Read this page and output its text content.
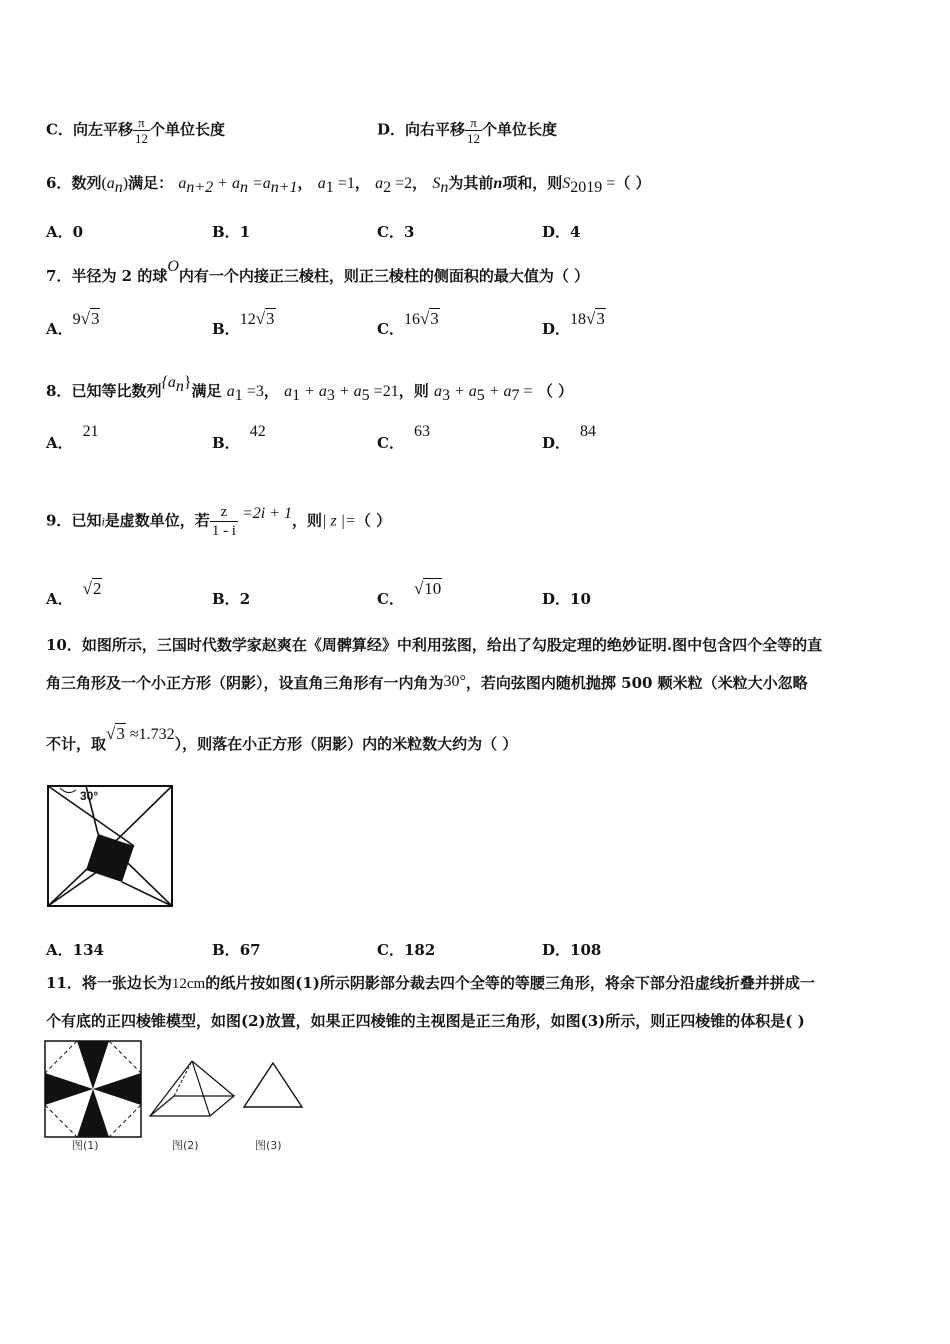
C．向左平移 $\frac{\pi}{12}$ 个单位长度	D．向右平移 $\frac{\pi}{12}$ 个单位长度
6．数列$(a_n)$满足： $a_{n+2} + a_n =a_{n+1}$， $a_1 =1$， $a_2 =2$， $S_n$为其前n项和，则$S_{2019}$ =（ ）
A．0	B．1	C．3	D．4
7．半径为 2 的球O内有一个内接正三棱柱，则正三棱柱的侧面积的最大值为（ ）
A．9√3
B．12√3
C．16√3
D．18√3
8．已知等比数列$\{a_n\}$满足 $a_1 =3$， $a_1 + a_3 + a_5 =21$，则 $a_3 + a_5 + a_7$ = （ ）
A．21
B．42
C．63
D．84
9．已知i是虚数单位，若 $\frac{z}{1 - i} =2i + 1$，则| z |=（ ）
A．√2
B．2	C．√10
D．10
10．如图所示，三国时代数学家赵爽在《周髀算经》中利用弦图，给出了勾股定理的绝妙证明.图中包含四个全等的直
角三角形及一个小正方形（阴影），设直角三角形有一内角为30°，若向弦图内随机抛掷 500 颗米粒（米粒大小忽略
不计，取√3 ≈1.732），则落在小正方形（阴影）内的米粒数大约为（ ）
30°
A．134	B．67	C．182	D．108
11．将一张边长为12cm的纸片按如图(1)所示阴影部分裁去四个全等的等腰三角形，将余下部分沿虚线折叠并拼成一
个有底的正四棱锥模型，如图(2)放置，如果正四棱锥的主视图是正三角形，如图(3)所示，则正四棱锥的体积是( )
图(1)	图(2)	图(3)
